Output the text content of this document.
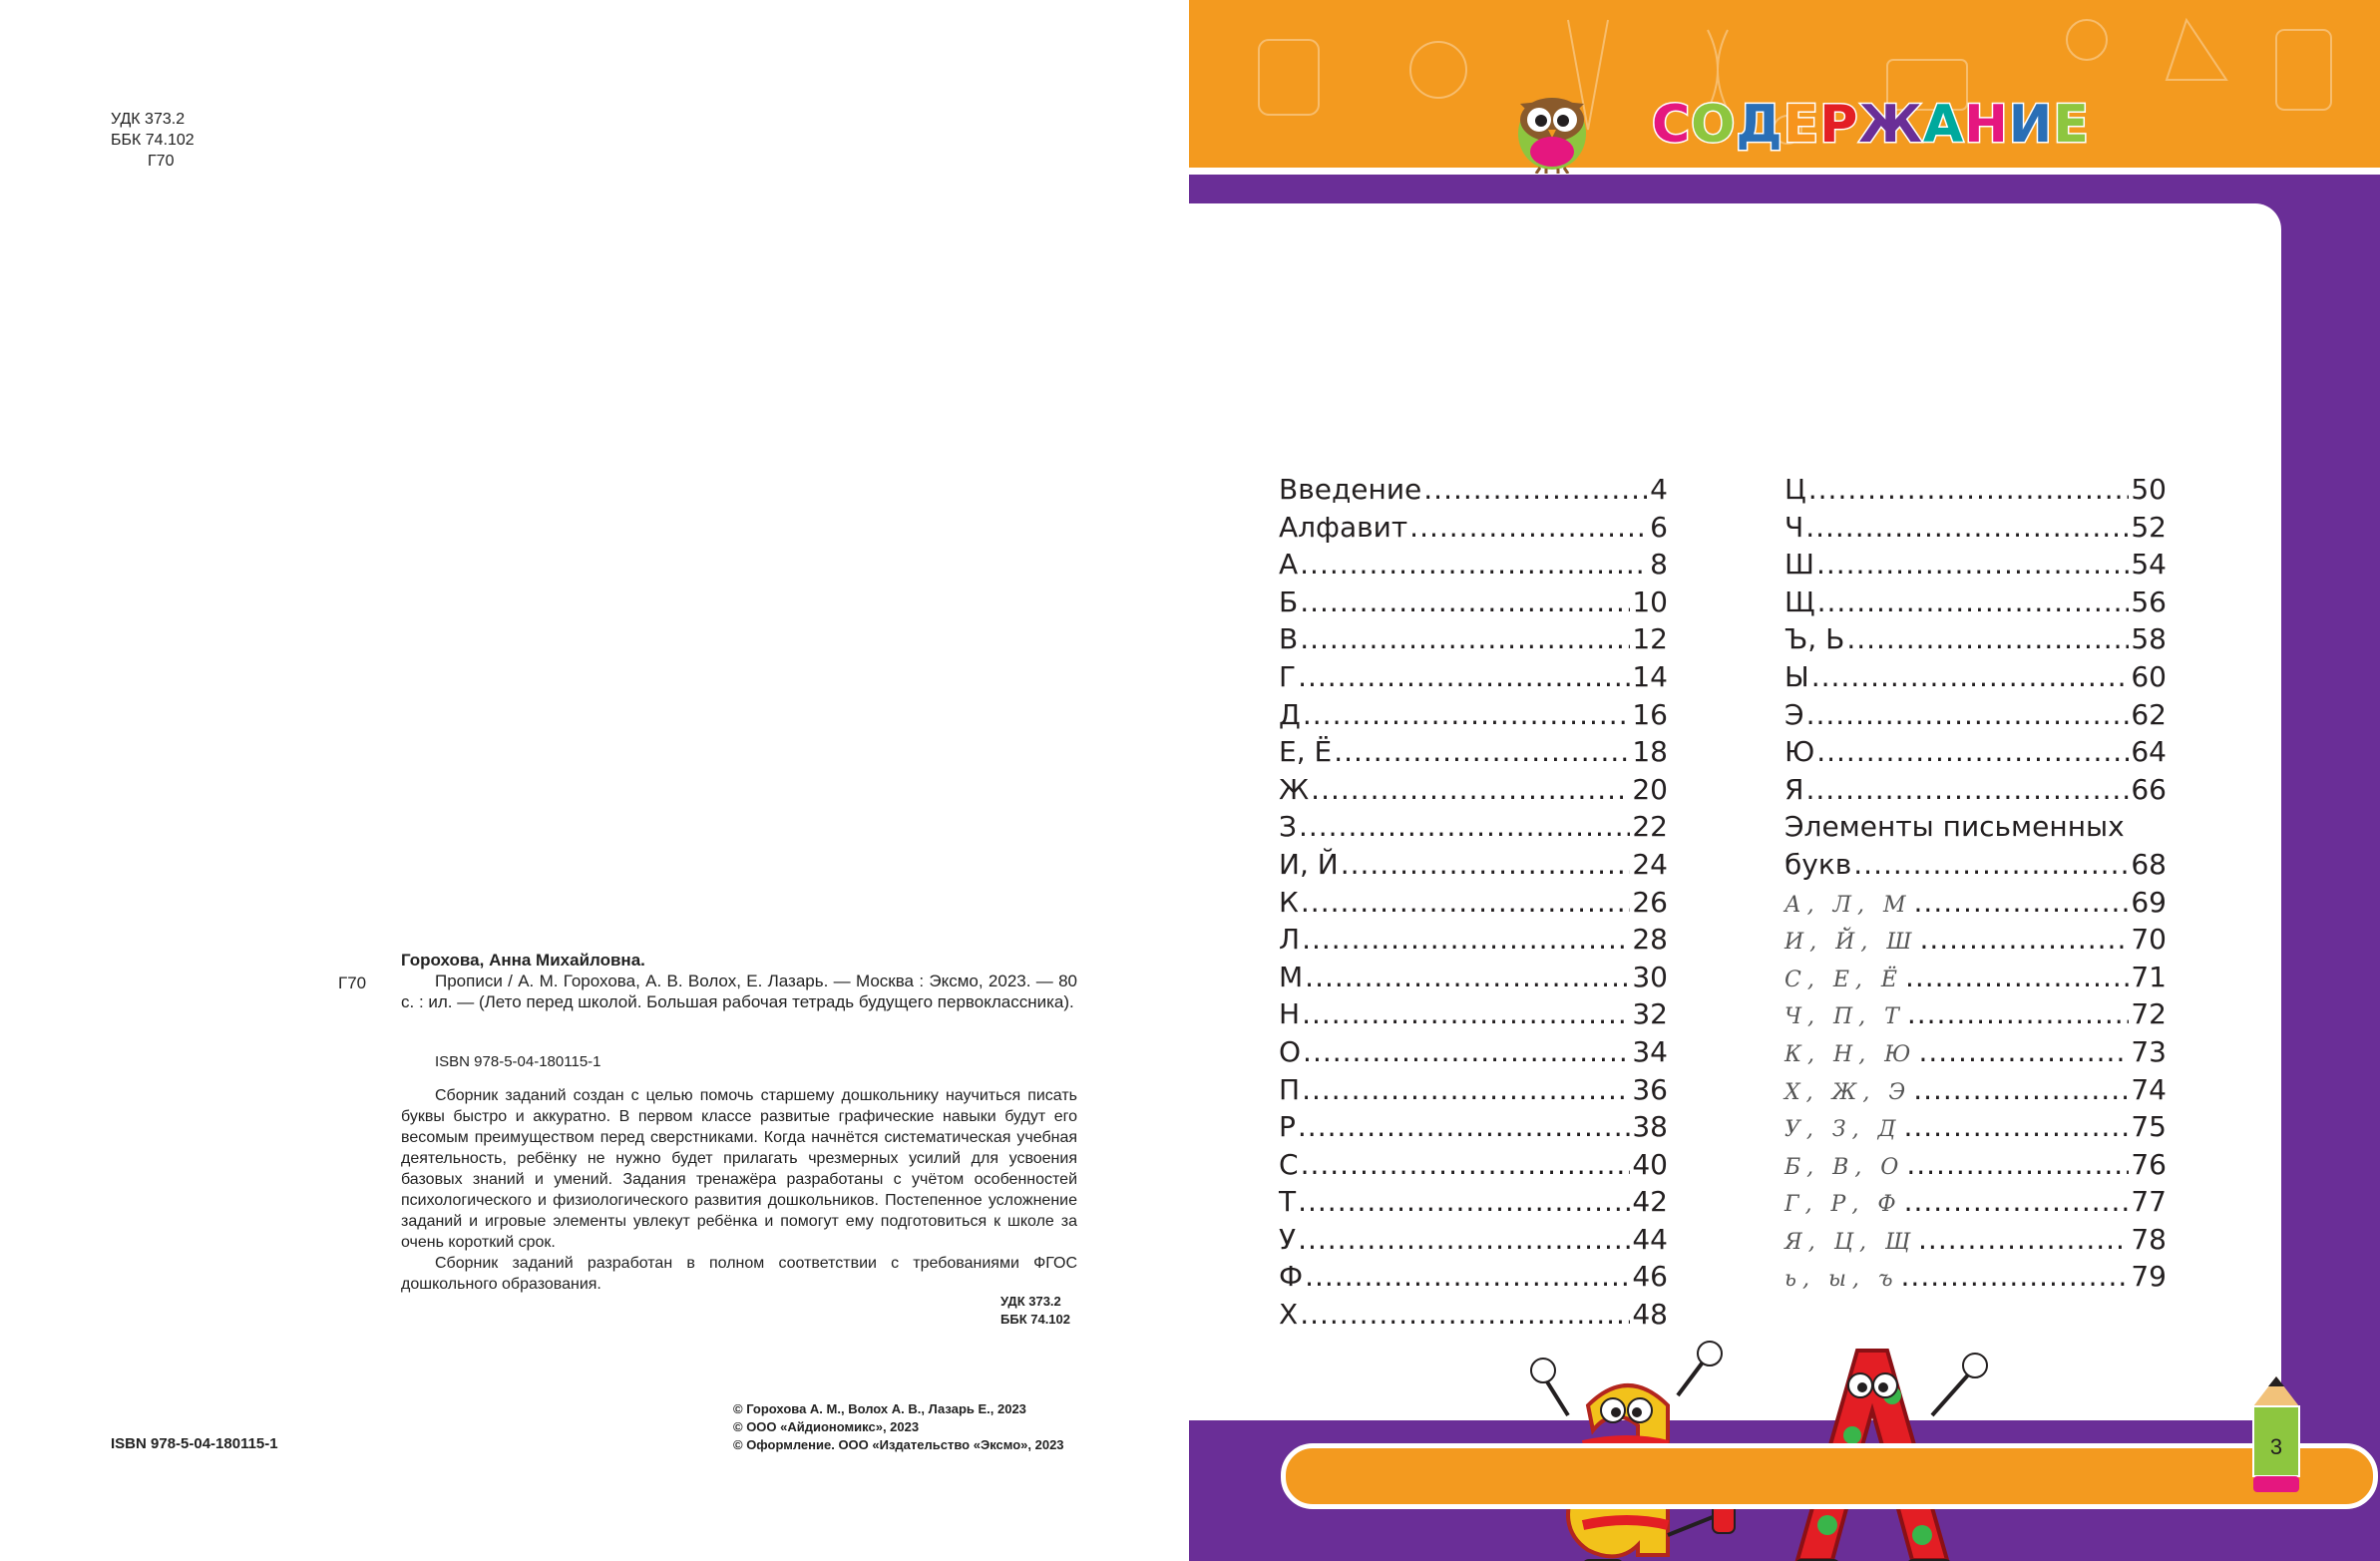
УДК 373.2
ББК 74.102
Г70
Г70

Горохова, Анна Михайловна.

Прописи / А. М. Горохова, А. В. Волох, Е. Лазарь. — Москва : Эксмо, 2023. — 80 с. : ил. — (Лето перед школой. Большая рабочая тетрадь будущего первоклассника).

ISBN 978-5-04-180115-1

Сборник заданий создан с целью помочь старшему дошкольнику научиться писать буквы быстро и аккуратно. В первом классе развитые графические навыки будут его весомым преимуществом перед сверстниками. Когда начнётся систематическая учебная деятельность, ребёнку не нужно будет прилагать чрезмерных усилий для усвоения базовых знаний и умений. Задания тренажёра разработаны с учётом особенностей психологического и физиологического развития дошкольников. Постепенное усложнение заданий и игровые элементы увлекут ребёнка и помогут ему подготовиться к школе за очень короткий срок.

Сборник заданий разработан в полном соответствии с требованиями ФГОС дошкольного образования.

УДК 373.2
ББК 74.102
© Горохова А. М., Волох А. В., Лазарь Е., 2023
© ООО «Айдиономикс», 2023
© Оформление. ООО «Издательство «Эксмо», 2023
ISBN 978-5-04-180115-1
СОДЕРЖАНИЕ
Введение .....	4
Алфавит .....	6
А .....	8
Б .....	10
В .....	12
Г .....	14
Д .....	16
Е, Ё .....	18
Ж .....	20
З .....	22
И, Й .....	24
К .....	26
Л .....	28
М .....	30
Н .....	32
О .....	34
П .....	36
Р .....	38
С .....	40
Т .....	42
У .....	44
Ф .....	46
Х .....	48
Ц .....	50
Ч .....	52
Ш .....	54
Щ .....	56
Ъ, Ь .....	58
Ы .....	60
Э .....	62
Ю .....	64
Я .....	66
Элементы письменных
букв .....	68
А, Л, М .....	69
И, Й, Ш .....	70
С, Е, Ё .....	71
Ч, П, Т .....	72
К, Н, Ю .....	73
Х, Ж, Э .....	74
У, З, Д .....	75
Б, В, О .....	76
Г, Р, Ф .....	77
Я, Ц, Щ .....	78
ь, ы, ъ .....	79
3
